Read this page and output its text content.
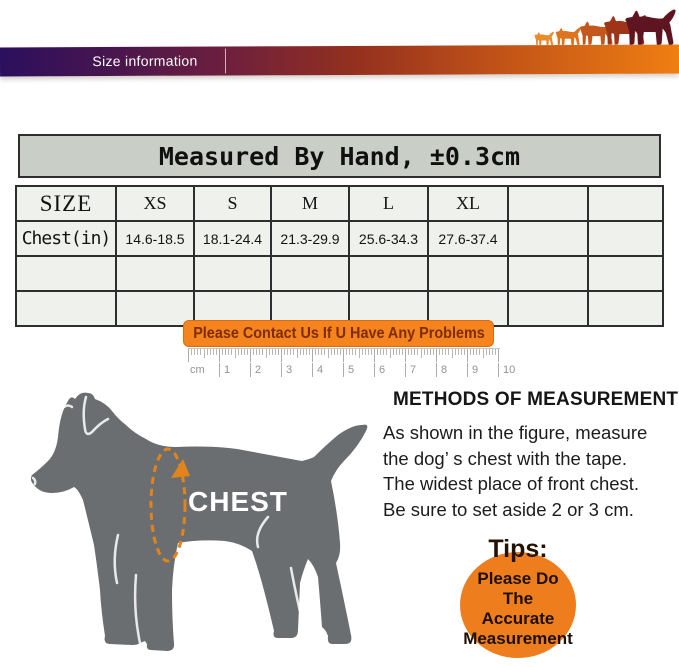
Size information
Measured By Hand, ±0.3cm
SIZE	XS	S	M	L	XL		
Chest(in)	14.6-18.5	18.1-24.4	21.3-29.9	25.6-34.3	27.6-37.4		

Please Contact Us If U Have Any Problems
cm	1	2	3	4	5	6	7	8	9	10
CHEST
METHODS OF MEASUREMENT
As shown in the figure, measure
the dog’ s chest with the tape.
The widest place of front chest.
Be sure to set aside 2 or 3 cm.
Tips:
Please Do
The
Accurate
Measurement
